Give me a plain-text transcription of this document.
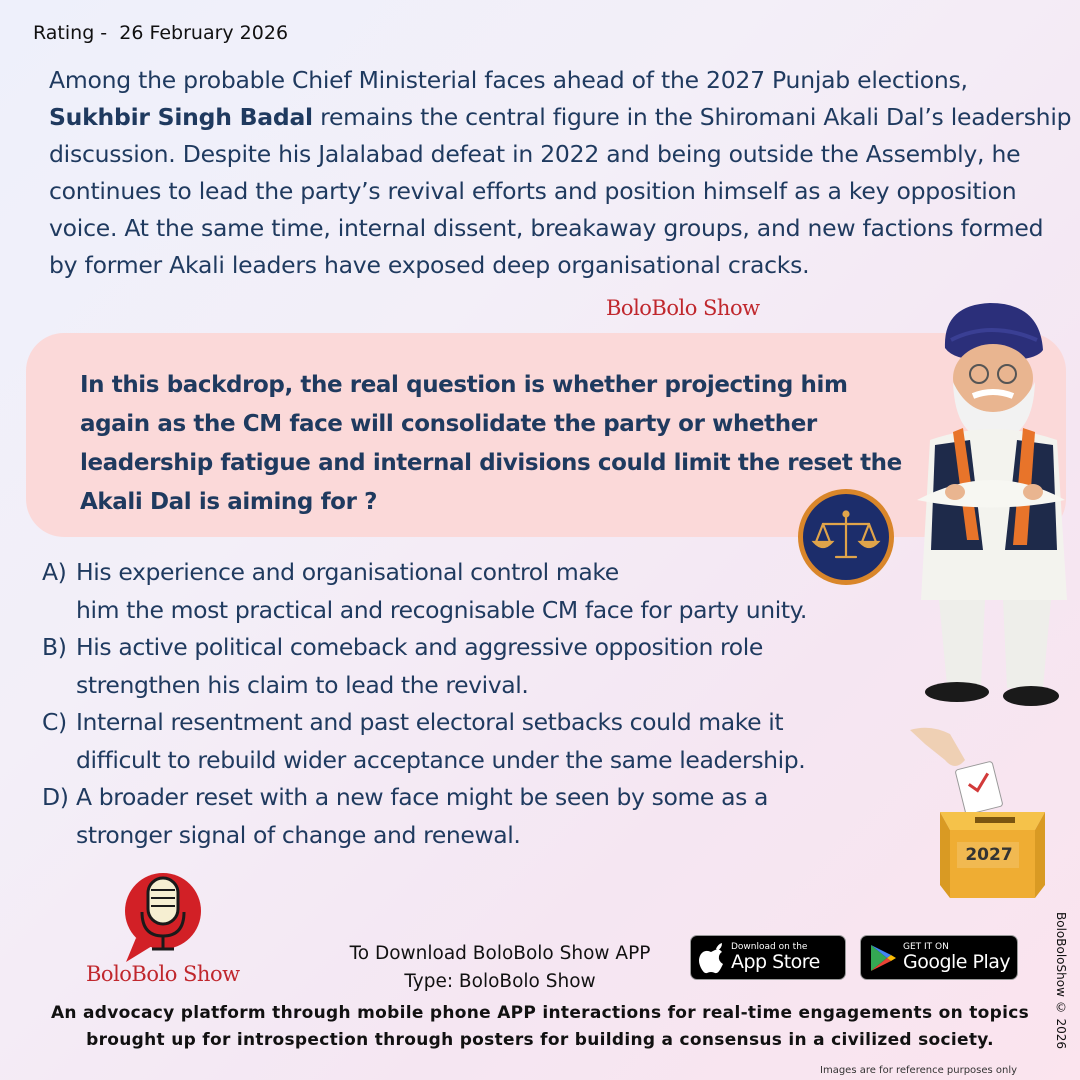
Rating -  26 February 2026

Among the probable Chief Ministerial faces ahead of the 2027 Punjab elections, Sukhbir Singh Badal remains the central figure in the Shiromani Akali Dal’s leadership discussion. Despite his Jalalabad defeat in 2022 and being outside the Assembly, he continues to lead the party’s revival efforts and position himself as a key opposition voice. At the same time, internal dissent, breakaway groups, and new factions formed by former Akali leaders have exposed deep organisational cracks.

BoloBolo Show

In this backdrop, the real question is whether projecting him again as the CM face will consolidate the party or whether leadership fatigue and internal divisions could limit the reset the Akali Dal is aiming for ?

A) His experience and organisational control make
him the most practical and recognisable CM face for party unity.
B) His active political comeback and aggressive opposition role
strengthen his claim to lead the revival.
C) Internal resentment and past electoral setbacks could make it
difficult to rebuild wider acceptance under the same leadership.
D) A broader reset with a new face might be seen by some as a
stronger signal of change and renewal.
2027
BoloBolo Show
To Download BoloBolo Show APP
Type: BoloBolo Show
Download on the
App Store
GET IT ON
Google Play
An advocacy platform through mobile phone APP interactions for real-time engagements on topics
brought up for introspection through posters for building a consensus in a civilized society.	BoloBoloShow © 2026
Images are for reference purposes only
